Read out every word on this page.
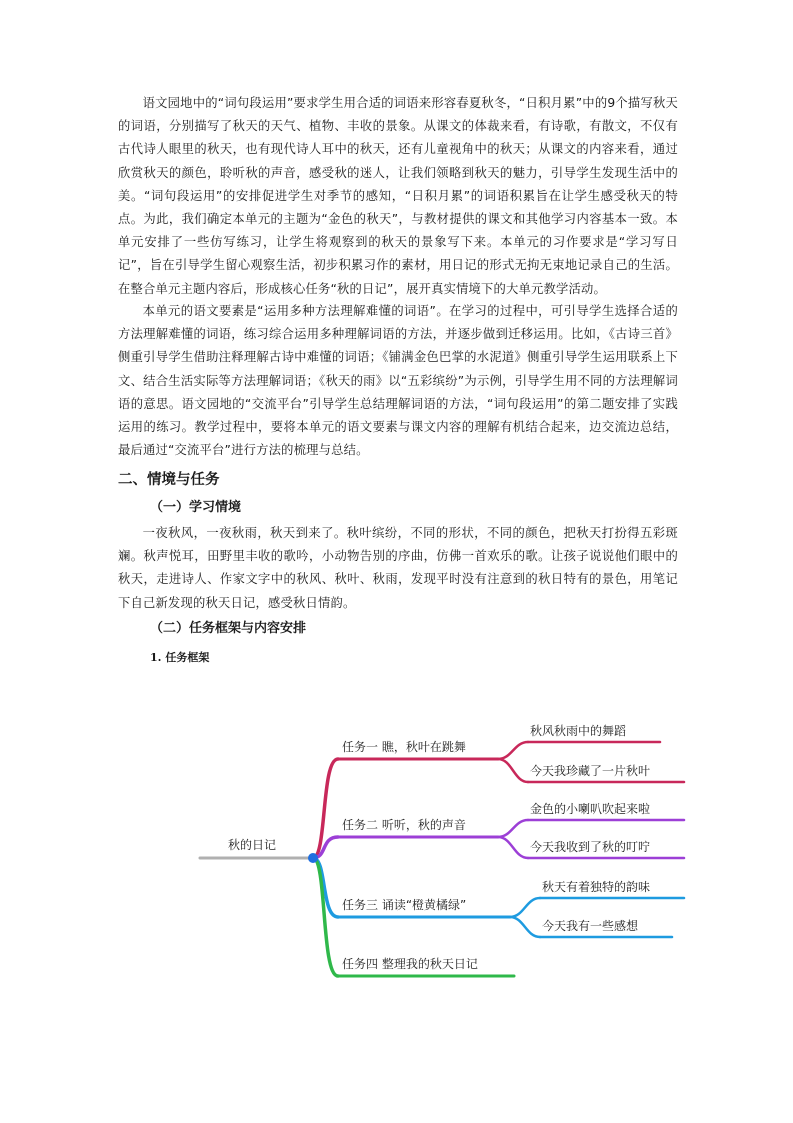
语文园地中的“词句段运用”要求学生用合适的词语来形容春夏秋冬，“日积月累”中的9个描写秋天的词语，分别描写了秋天的天气、植物、丰收的景象。从课文的体裁来看，有诗歌，有散文，不仅有古代诗人眼里的秋天，也有现代诗人耳中的秋天，还有儿童视角中的秋天；从课文的内容来看，通过欣赏秋天的颜色，聆听秋的声音，感受秋的迷人，让我们领略到秋天的魅力，引导学生发现生活中的美。“词句段运用”的安排促进学生对季节的感知，“日积月累”的词语积累旨在让学生感受秋天的特点。为此，我们确定本单元的主题为“金色的秋天”，与教材提供的课文和其他学习内容基本一致。本单元安排了一些仿写练习，让学生将观察到的秋天的景象写下来。本单元的习作要求是“学习写日记”，旨在引导学生留心观察生活，初步积累习作的素材，用日记的形式无拘无束地记录自己的生活。在整合单元主题内容后，形成核心任务“秋的日记”，展开真实情境下的大单元教学活动。

本单元的语文要素是“运用多种方法理解难懂的词语”。在学习的过程中，可引导学生选择合适的方法理解难懂的词语，练习综合运用多种理解词语的方法，并逐步做到迁移运用。比如，《古诗三首》侧重引导学生借助注释理解古诗中难懂的词语；《铺满金色巴掌的水泥道》侧重引导学生运用联系上下文、结合生活实际等方法理解词语；《秋天的雨》以“五彩缤纷”为示例，引导学生用不同的方法理解词语的意思。语文园地的“交流平台”引导学生总结理解词语的方法，“词句段运用”的第二题安排了实践运用的练习。教学过程中，要将本单元的语文要素与课文内容的理解有机结合起来，边交流边总结，最后通过“交流平台”进行方法的梳理与总结。

二、情境与任务
（一）学习情境

一夜秋风，一夜秋雨，秋天到来了。秋叶缤纷，不同的形状，不同的颜色，把秋天打扮得五彩斑斓。秋声悦耳，田野里丰收的歌吟，小动物告别的序曲，仿佛一首欢乐的歌。让孩子说说他们眼中的秋天，走进诗人、作家文字中的秋风、秋叶、秋雨，发现平时没有注意到的秋日特有的景色，用笔记下自己新发现的秋天日记，感受秋日情韵。

（二）任务框架与内容安排
1. 任务框架
秋的日记
任务一 瞧，秋叶在跳舞
秋风秋雨中的舞蹈
今天我珍藏了一片秋叶
任务二 听听，秋的声音
金色的小喇叭吹起来啦
今天我收到了秋的叮咛
任务三 诵读“橙黄橘绿”
秋天有着独特的韵味
今天我有一些感想
任务四 整理我的秋天日记
